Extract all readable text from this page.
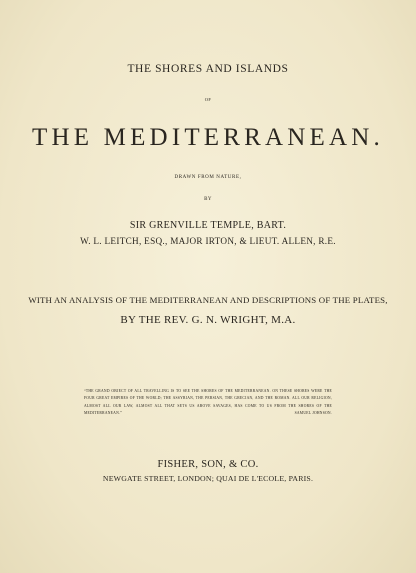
THE SHORES AND ISLANDS
OF
THE MEDITERRANEAN.
DRAWN FROM NATURE,
BY
SIR GRENVILLE TEMPLE, BART.
W. L. LEITCH, ESQ., MAJOR IRTON, & LIEUT. ALLEN, R.E.
WITH AN ANALYSIS OF THE MEDITERRANEAN AND DESCRIPTIONS OF THE PLATES,
BY THE REV. G. N. WRIGHT, M.A.
“THE GRAND OBJECT OF ALL TRAVELLING IS TO SEE THE SHORES OF THE MEDITERRANEAN. ON THESE SHORES WERE THE FOUR GREAT EMPIRES OF THE WORLD; THE ASSYRIAN, THE PERSIAN, THE GRECIAN, AND THE ROMAN. ALL OUR RELIGION, ALMOST ALL OUR LAW, ALMOST ALL THAT SETS US ABOVE SAVAGES, HAS COME TO US FROM THE SHORES OF THE MEDITERRANEAN.”	SAMUEL JOHNSON.
FISHER, SON, & CO.
NEWGATE STREET, LONDON; QUAI DE L'ECOLE, PARIS.
